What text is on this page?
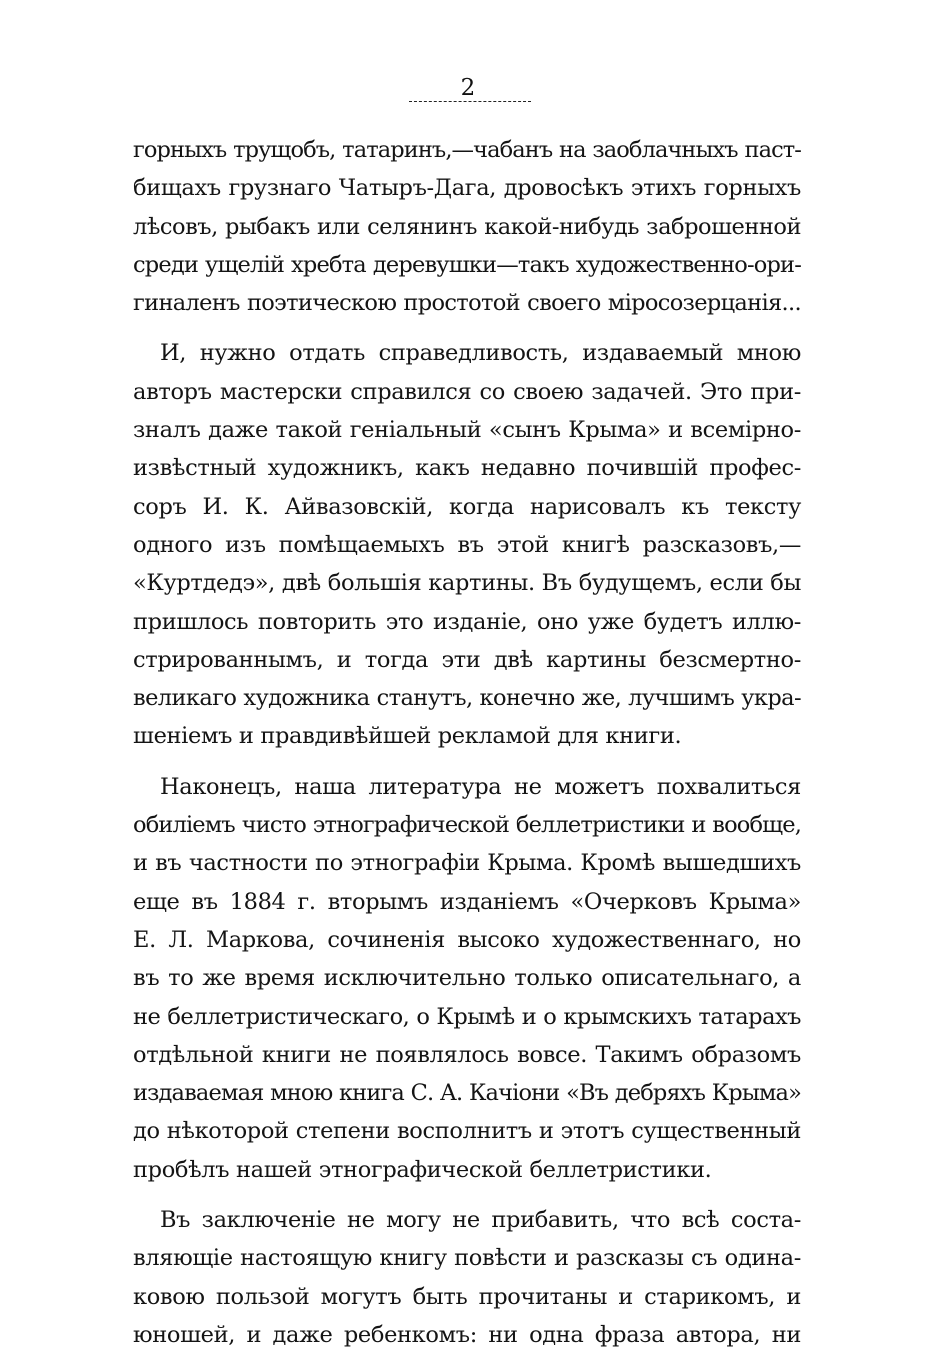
2
горныхъ трущобъ, татаринъ,—чабанъ на заоблачныхъ паст-
бищахъ грузнаго Чатыръ-Дага, дровосѣкъ этихъ горныхъ
лѣсовъ, рыбакъ или селянинъ какой-нибудь заброшенной
среди ущелій хребта деревушки—такъ художественно-ори-
гиналенъ поэтическою простотой своего міросозерцанія...
И, нужно отдать справедливость, издаваемый мною
авторъ мастерски справился со своею задачей. Это при-
зналъ даже такой геніальный «сынъ Крыма» и всемірно-
извѣстный художникъ, какъ недавно почившій профес-
соръ И. К. Айвазовскій, когда нарисовалъ къ тексту
одного изъ помѣщаемыхъ въ этой книгѣ разсказовъ,—
«Куртдедэ», двѣ большія картины. Въ будущемъ, если бы
пришлось повторить это изданіе, оно уже будетъ иллю-
стрированнымъ, и тогда эти двѣ картины безсмертно-
великаго художника станутъ, конечно же, лучшимъ укра-
шеніемъ и правдивѣйшей рекламой для книги.
Наконецъ, наша литература не можетъ похвалиться
обиліемъ чисто этнографической беллетристики и вообще,
и въ частности по этнографіи Крыма. Кромѣ вышедшихъ
еще въ 1884 г. вторымъ изданіемъ «Очерковъ Крыма»
Е. Л. Маркова, сочиненія высоко художественнаго, но
въ то же время исключительно только описательнаго, а
не беллетристическаго, о Крымѣ и о крымскихъ татарахъ
отдѣльной книги не появлялось вовсе. Такимъ образомъ
издаваемая мною книга С. А. Качіони «Въ дебряхъ Крыма»
до нѣкоторой степени восполнитъ и этотъ существенный
пробѣлъ нашей этнографической беллетристики.
Въ заключеніе не могу не прибавить, что всѣ соста-
вляющіе настоящую книгу повѣсти и разсказы съ одина-
ковою пользой могутъ быть прочитаны и старикомъ, и
юношей, и даже ребенкомъ: ни одна фраза автора, ни
